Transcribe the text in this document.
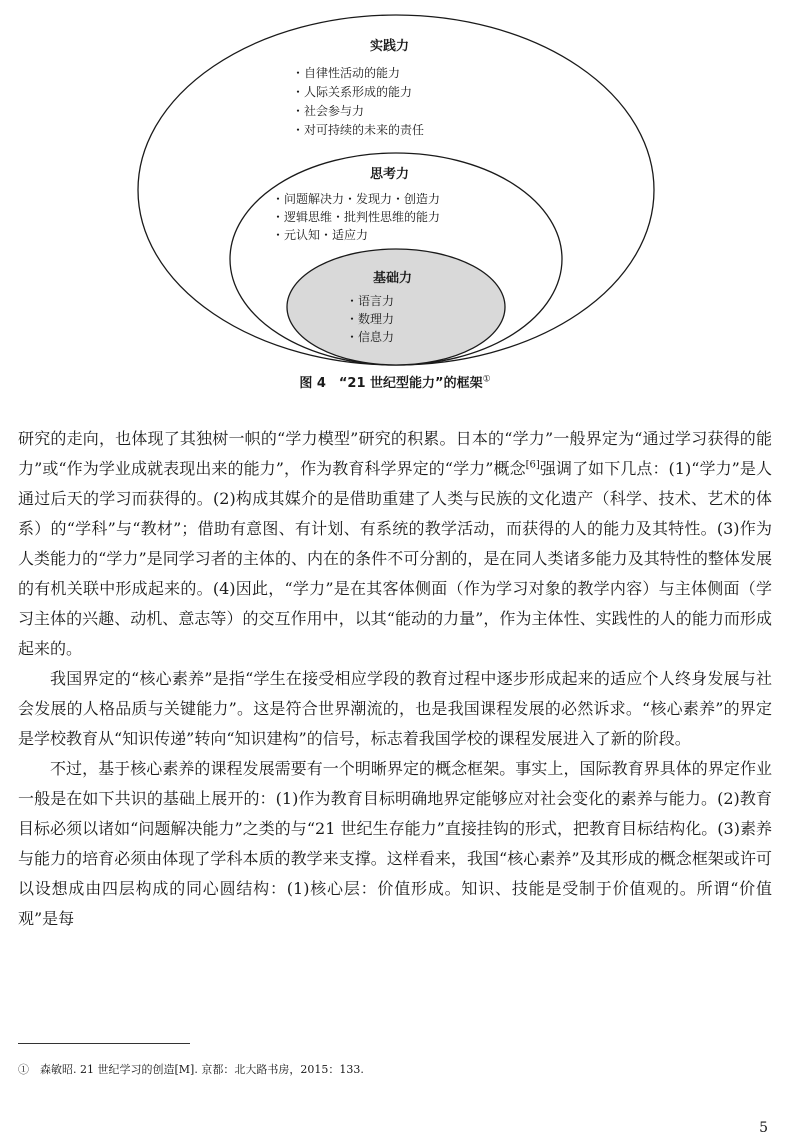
实践力
・自律性活动的能力
・人际关系形成的能力
・社会参与力
・对可持续的未来的责任
思考力
・问题解决力・发现力・创造力
・逻辑思维・批判性思维的能力
・元认知・适应力
基础力
・语言力
・数理力
・信息力
图 4　“21 世纪型能力”的框架①

研究的走向，也体现了其独树一帜的“学力模型”研究的积累。日本的“学力”一般界定为“通过学习获得的能力”或“作为学业成就表现出来的能力”，作为教育科学界定的“学力”概念[6]强调了如下几点：(1)“学力”是人通过后天的学习而获得的。(2)构成其媒介的是借助重建了人类与民族的文化遗产（科学、技术、艺术的体系）的“学科”与“教材”；借助有意图、有计划、有系统的教学活动，而获得的人的能力及其特性。(3)作为人类能力的“学力”是同学习者的主体的、内在的条件不可分割的，是在同人类诸多能力及其特性的整体发展的有机关联中形成起来的。(4)因此，“学力”是在其客体侧面（作为学习对象的教学内容）与主体侧面（学习主体的兴趣、动机、意志等）的交互作用中，以其“能动的力量”，作为主体性、实践性的人的能力而形成起来的。

我国界定的“核心素养”是指“学生在接受相应学段的教育过程中逐步形成起来的适应个人终身发展与社会发展的人格品质与关键能力”。这是符合世界潮流的，也是我国课程发展的必然诉求。“核心素养”的界定是学校教育从“知识传递”转向“知识建构”的信号，标志着我国学校的课程发展进入了新的阶段。

不过，基于核心素养的课程发展需要有一个明晰界定的概念框架。事实上，国际教育界具体的界定作业一般是在如下共识的基础上展开的：(1)作为教育目标明确地界定能够应对社会变化的素养与能力。(2)教育目标必须以诸如“问题解决能力”之类的与“21 世纪生存能力”直接挂钩的形式，把教育目标结构化。(3)素养与能力的培育必须由体现了学科本质的教学来支撑。这样看来，我国“核心素养”及其形成的概念框架或许可以设想成由四层构成的同心圆结构：(1)核心层：价值形成。知识、技能是受制于价值观的。所谓“价值观”是每

①　森敏昭. 21 世纪学习的创造[M]. 京都：北大路书房，2015：133.
5
